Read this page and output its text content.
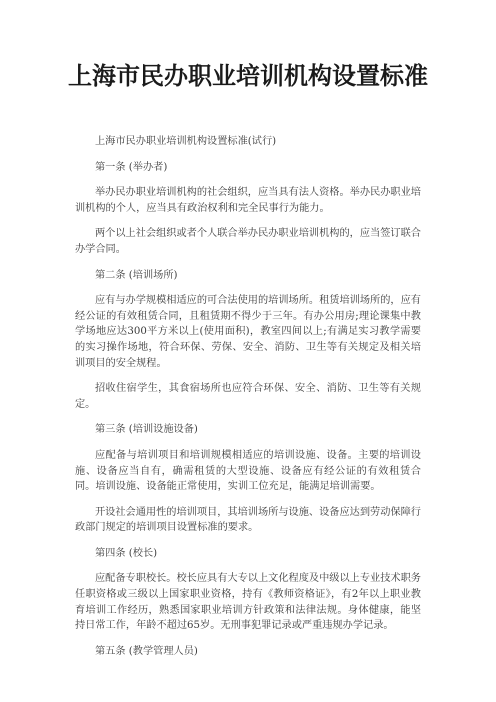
上海市民办职业培训机构设置标准

上海市民办职业培训机构设置标准(试行)

第一条 (举办者)

举办民办职业培训机构的社会组织，应当具有法人资格。举办民办职业培训机构的个人，应当具有政治权利和完全民事行为能力。

两个以上社会组织或者个人联合举办民办职业培训机构的，应当签订联合办学合同。

第二条 (培训场所)

应有与办学规模相适应的可合法使用的培训场所。租赁培训场所的，应有经公证的有效租赁合同，且租赁期不得少于三年。有办公用房;理论课集中教学场地应达300平方米以上(使用面积)，教室四间以上;有满足实习教学需要的实习操作场地，符合环保、劳保、安全、消防、卫生等有关规定及相关培训项目的安全规程。

招收住宿学生，其食宿场所也应符合环保、安全、消防、卫生等有关规定。

第三条 (培训设施设备)

应配备与培训项目和培训规模相适应的培训设施、设备。主要的培训设施、设备应当自有，确需租赁的大型设施、设备应有经公证的有效租赁合同。培训设施、设备能正常使用，实训工位充足，能满足培训需要。

开设社会通用性的培训项目，其培训场所与设施、设备应达到劳动保障行政部门规定的培训项目设置标准的要求。

第四条 (校长)

应配备专职校长。校长应具有大专以上文化程度及中级以上专业技术职务任职资格或三级以上国家职业资格，持有《教师资格证》，有2年以上职业教育培训工作经历，熟悉国家职业培训方针政策和法律法规。身体健康，能坚持日常工作，年龄不超过65岁。无刑事犯罪记录或严重违规办学记录。

第五条 (教学管理人员)
